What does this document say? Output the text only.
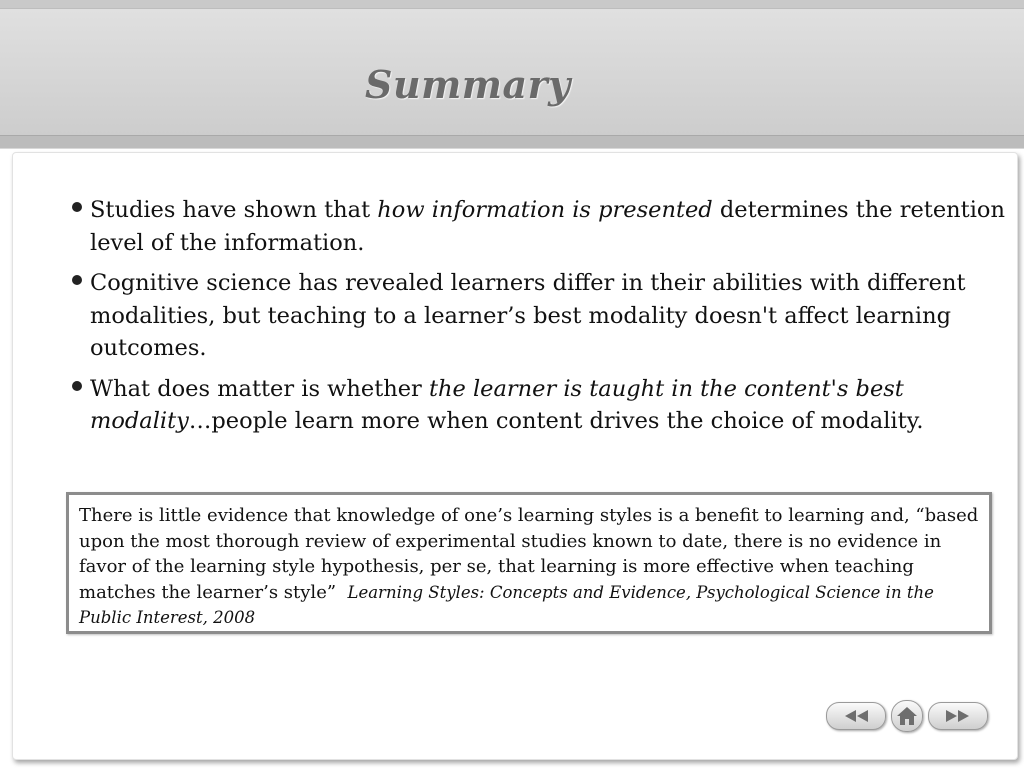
Summary
Studies have shown that how information is presented determines the retention level of the information.
Cognitive science has revealed learners differ in their abilities with different modalities, but teaching to a learner’s best modality doesn't affect learning outcomes.
What does matter is whether the learner is taught in the content's best modality…people learn more when content drives the choice of modality.
There is little evidence that knowledge of one’s learning styles is a benefit to learning and, “based upon the most thorough review of experimental studies known to date, there is no evidence in favor of the learning style hypothesis, per se, that learning is more effective when teaching matches the learner’s style” Learning Styles: Concepts and Evidence, Psychological Science in the Public Interest, 2008
